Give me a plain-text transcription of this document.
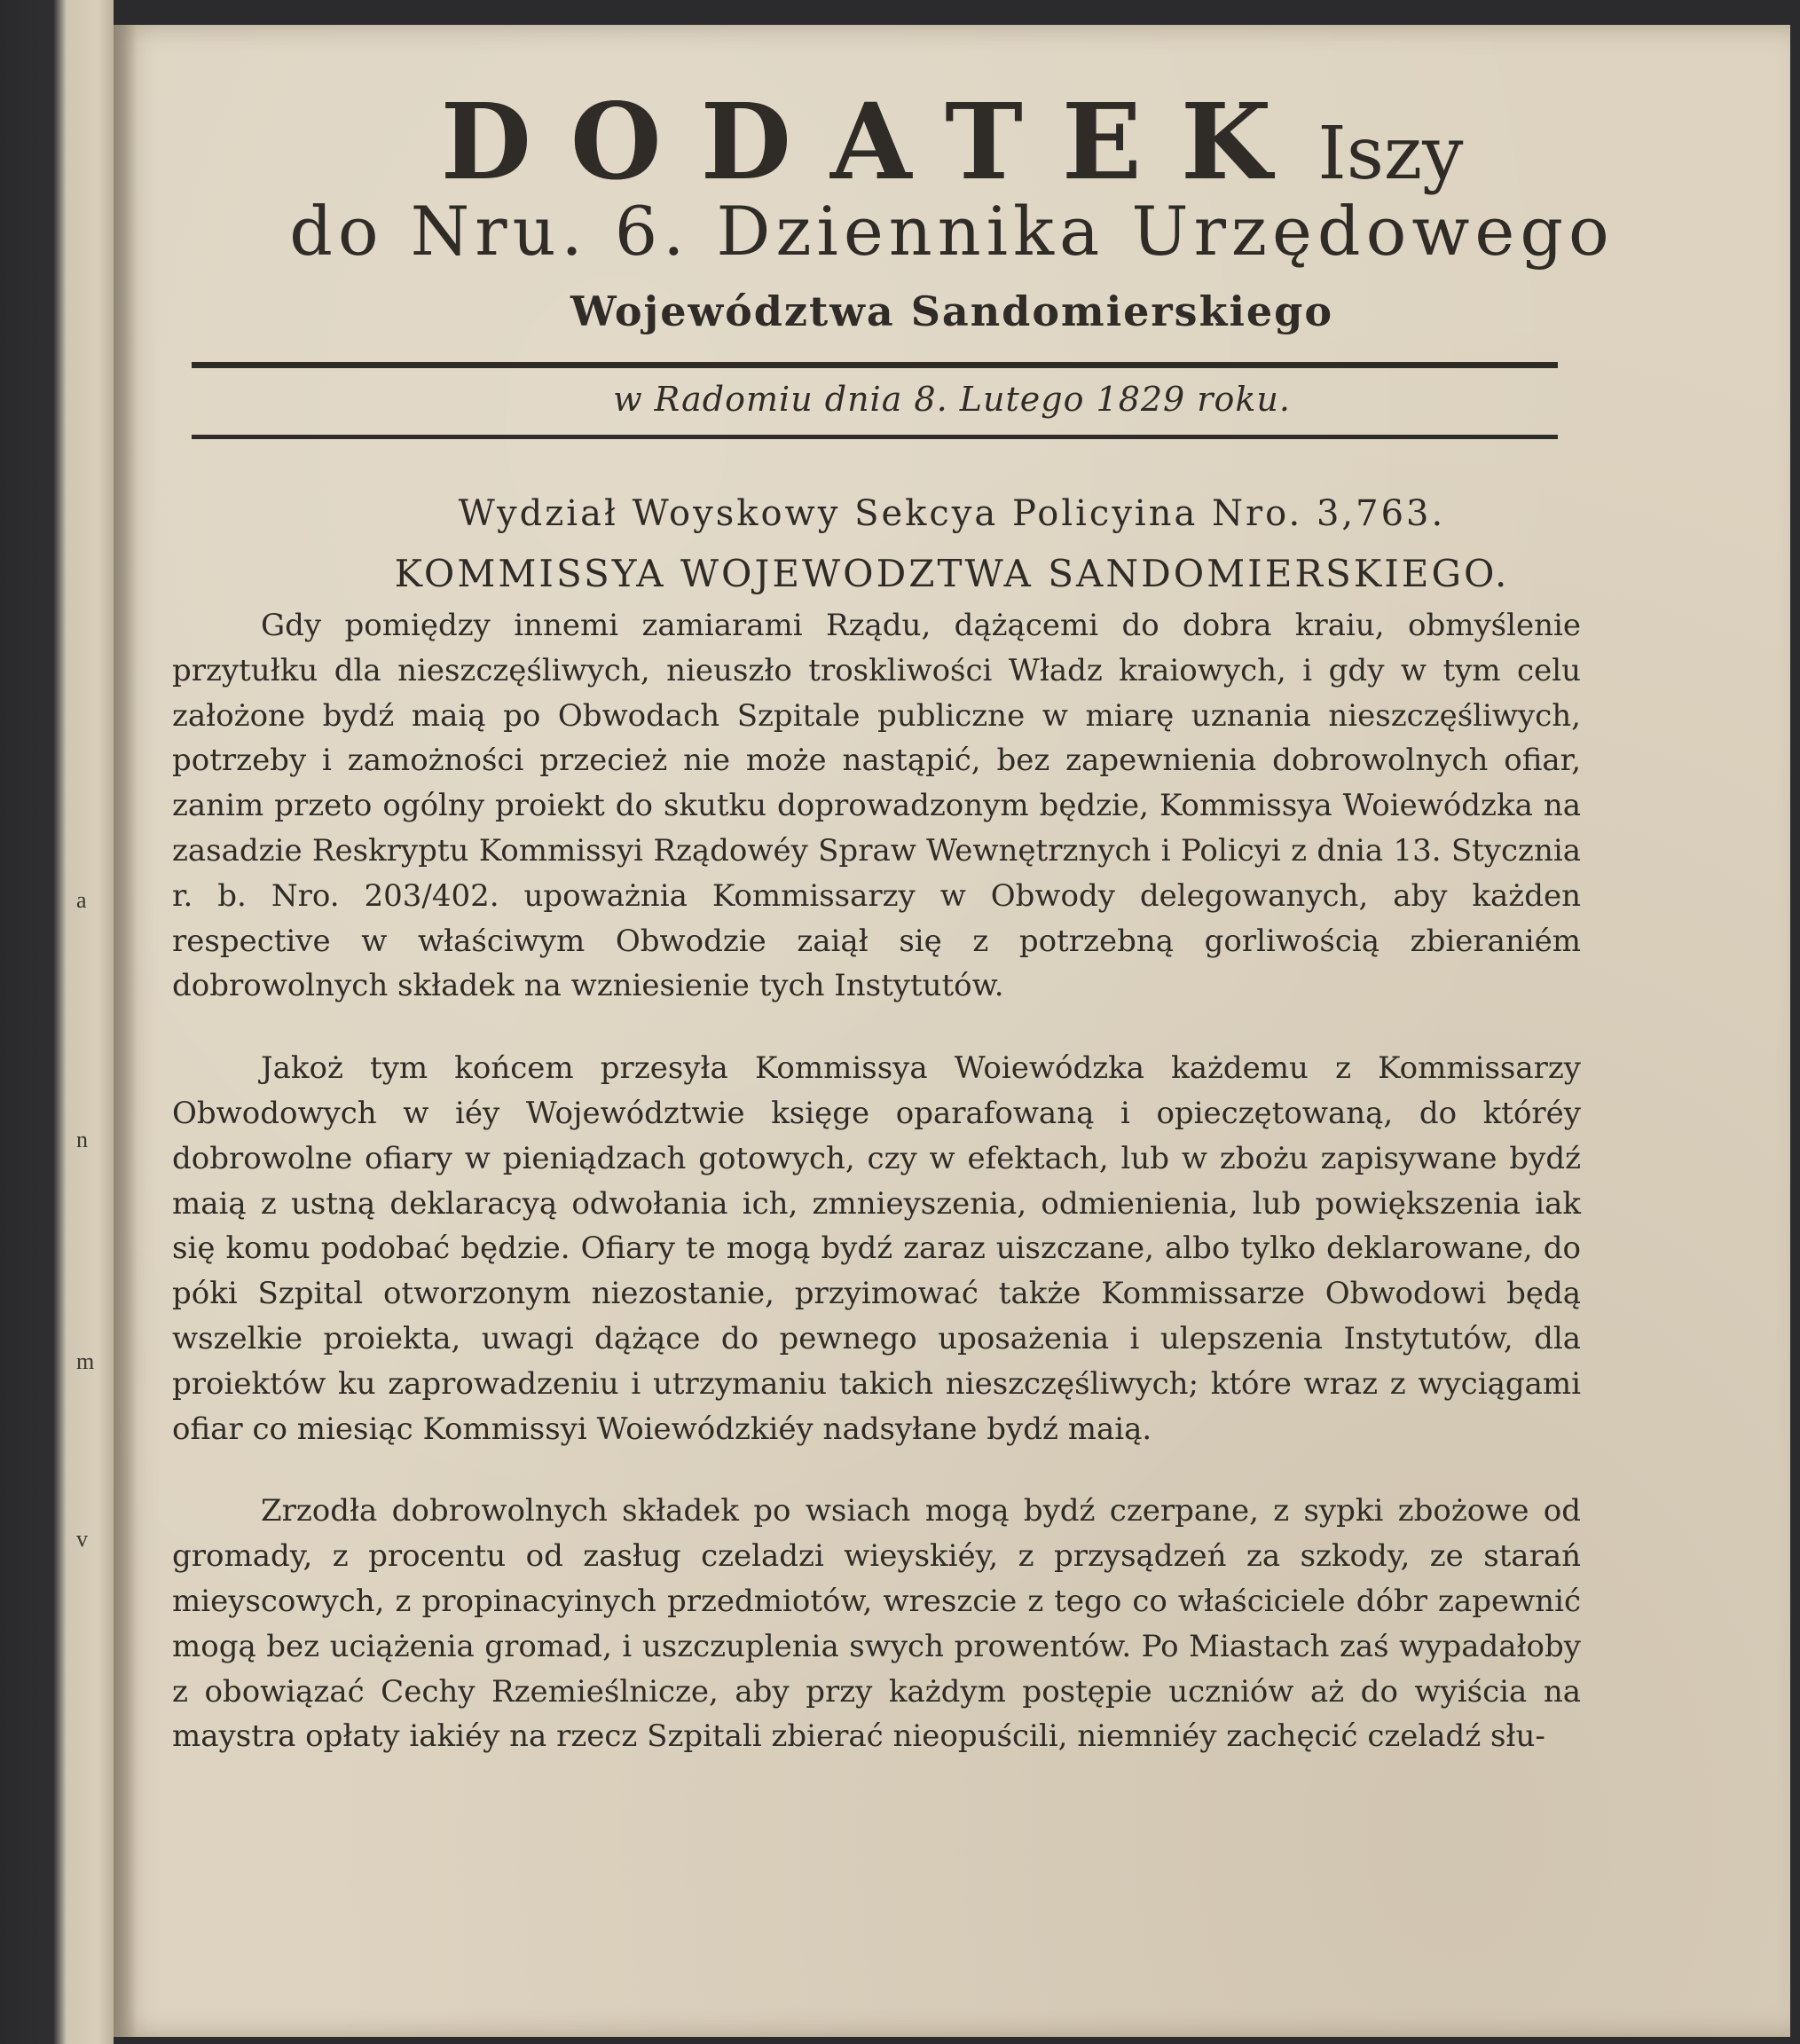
a
n
m
v
DODATEKIszy
do Nru. 6. Dziennika Urzędowego
Województwa Sandomierskiego
w Radomiu dnia 8. Lutego 1829 roku.
Wydział Woyskowy Sekcya Policyina Nro. 3,763.
KOMMISSYA WOJEWODZTWA SANDOMIERSKIEGO.

Gdy pomiędzy innemi zamiarami Rządu, dążącemi do dobra kraiu, obmyślenie przytułku dla nieszczęśliwych, nieuszło troskliwości Władz kraiowych, i gdy w tym celu założone bydź maią po Obwodach Szpitale publiczne w miarę uznania nieszczęśliwych, potrzeby i zamożności przecież nie może nastąpić, bez zapewnienia dobrowolnych ofiar, zanim przeto ogólny proiekt do skutku doprowadzonym będzie, Kommissya Woiewódzka na zasadzie Reskryptu Kommissyi Rządowéy Spraw Wewnętrznych i Policyi z dnia 13. Stycznia r. b. Nro. 203/402. upoważnia Kommissarzy w Obwody delegowanych, aby każden respective w właściwym Obwodzie zaiął się z potrzebną gorliwością zbieraniém dobrowolnych składek na wzniesienie tych Instytutów.

Jakoż tym końcem przesyła Kommissya Woiewódzka każdemu z Kommissarzy Obwodowych w iéy Województwie księge oparafowaną i opieczętowaną, do któréy dobrowolne ofiary w pieniądzach gotowych, czy w efektach, lub w zbożu zapisywane bydź maią z ustną deklaracyą odwołania ich, zmnieyszenia, odmienienia, lub powiększenia iak się komu podobać będzie. Ofiary te mogą bydź zaraz uiszczane, albo tylko deklarowane, do póki Szpital otworzonym niezostanie, przyimować także Kommissarze Obwodowi będą wszelkie proiekta, uwagi dążące do pewnego uposażenia i ulepszenia Instytutów, dla proiektów ku zaprowadzeniu i utrzymaniu takich nieszczęśliwych; które wraz z wyciągami ofiar co miesiąc Kommissyi Woiewódzkiéy nadsyłane bydź maią.

Zrzodła dobrowolnych składek po wsiach mogą bydź czerpane, z sypki zbożowe od gromady, z procentu od zasług czeladzi wieyskiéy, z przysądzeń za szkody, ze starań mieyscowych, z propinacyinych przedmiotów, wreszcie z tego co właściciele dóbr zapewnić mogą bez uciążenia gromad, i uszczuplenia swych prowentów. Po Miastach zaś wypadałoby z obowiązać Cechy Rzemieślnicze, aby przy każdym postępie uczniów aż do wyiścia na maystra opłaty iakiéy na rzecz Szpitali zbierać nieopuścili, niemniéy zachęcić czeladź słu-
